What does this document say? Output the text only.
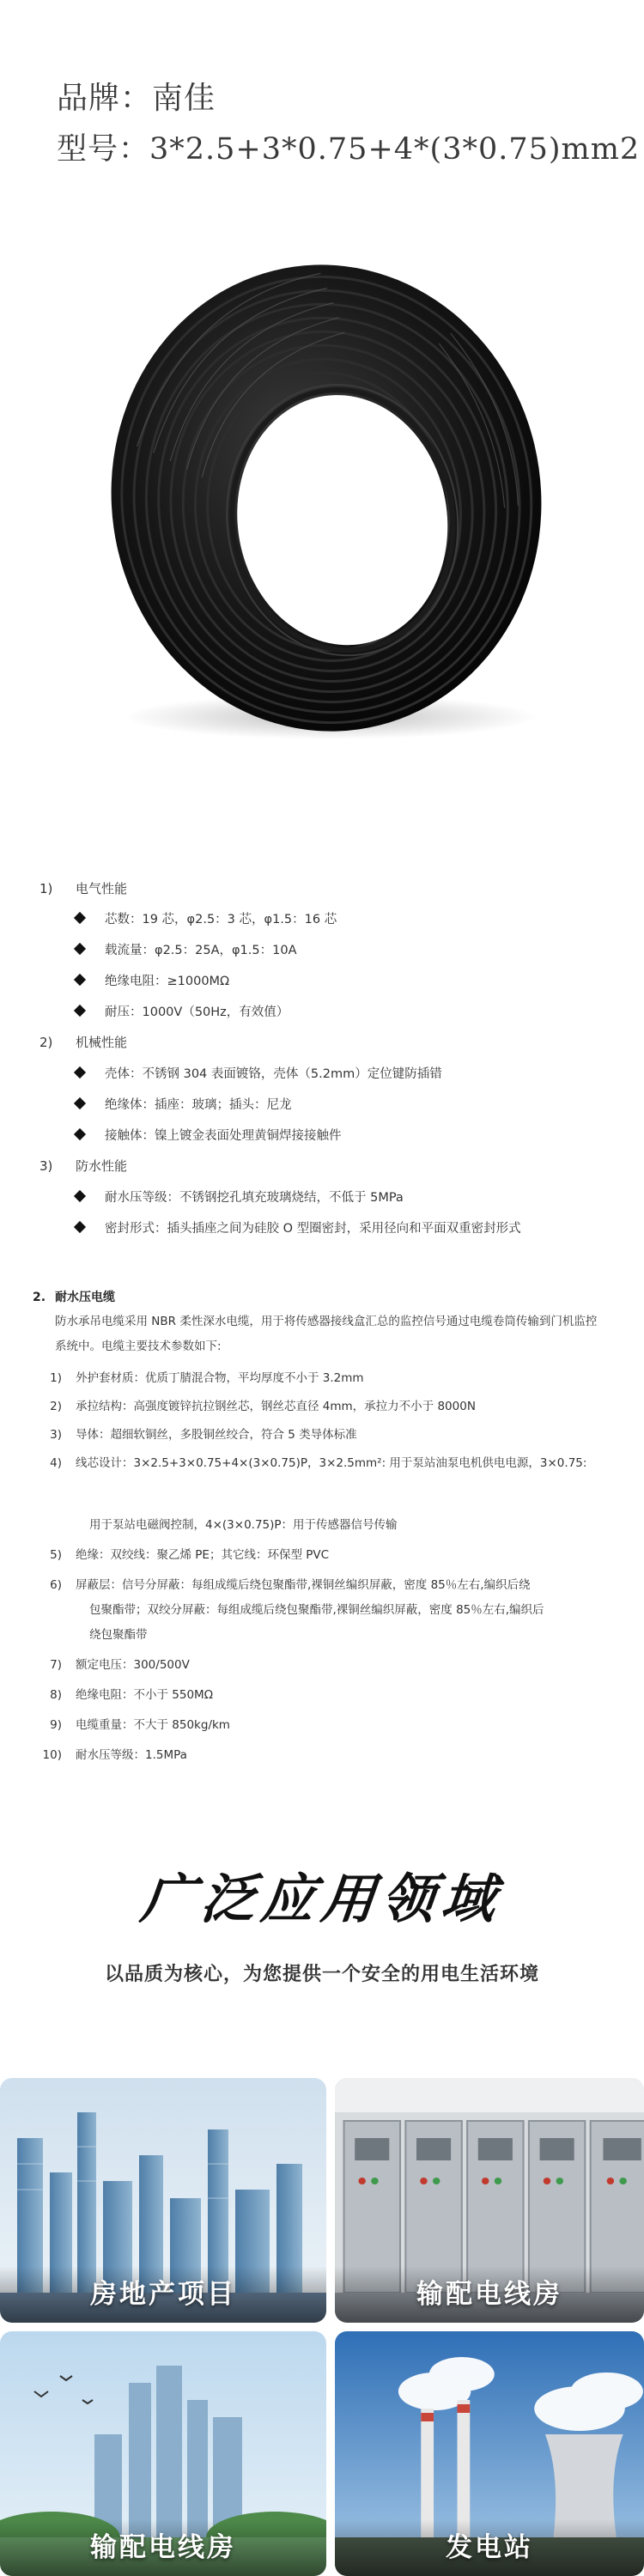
品牌：南佳
型号：3*2.5+3*0.75+4*(3*0.75)mm2
1) 电气性能
芯数：19 芯，φ2.5：3 芯，φ1.5：16 芯
载流量：φ2.5：25A，φ1.5：10A
绝缘电阻：≥1000MΩ
耐压：1000V（50Hz，有效值）
2) 机械性能
壳体：不锈钢 304 表面镀铬，壳体（5.2mm）定位键防插错
绝缘体：插座：玻璃；插头：尼龙
接触体：镍上镀金表面处理黄铜焊接接触件
3) 防水性能
耐水压等级：不锈钢挖孔填充玻璃烧结，不低于 5MPa
密封形式：插头插座之间为硅胶 O 型圈密封，采用径向和平面双重密封形式
2. 耐水压电缆
防水承吊电缆采用 NBR 柔性深水电缆，用于将传感器接线盒汇总的监控信号通过电缆卷筒传输到门机监控系统中。电缆主要技术参数如下:
1) 外护套材质：优质丁腈混合物，平均厚度不小于 3.2mm
2) 承拉结构：高强度镀锌抗拉钢丝芯，钢丝芯直径 4mm，承拉力不小于 8000N
3) 导体：超细软铜丝，多股铜丝绞合，符合 5 类导体标准
4) 线芯设计：3×2.5+3×0.75+4×(3×0.75)P，3×2.5mm²: 用于泵站油泵电机供电电源，3×0.75:
用于泵站电磁阀控制，4×(3×0.75)P：用于传感器信号传输
5) 绝缘：双绞线：聚乙烯 PE；其它线：环保型 PVC
6) 屏蔽层：信号分屏蔽：每组成缆后绕包聚酯带,裸铜丝编织屏蔽，密度 85％左右,编织后绕
包聚酯带；双绞分屏蔽：每组成缆后绕包聚酯带,裸铜丝编织屏蔽，密度 85％左右,编织后
绕包聚酯带
7) 额定电压：300/500V
8) 绝缘电阻：不小于 550MΩ
9) 电缆重量：不大于 850kg/km
10) 耐水压等级：1.5MPa
广泛应用领域
以品质为核心，为您提供一个安全的用电生活环境
房地产项目	输配电线房
输配电线房	发电站
